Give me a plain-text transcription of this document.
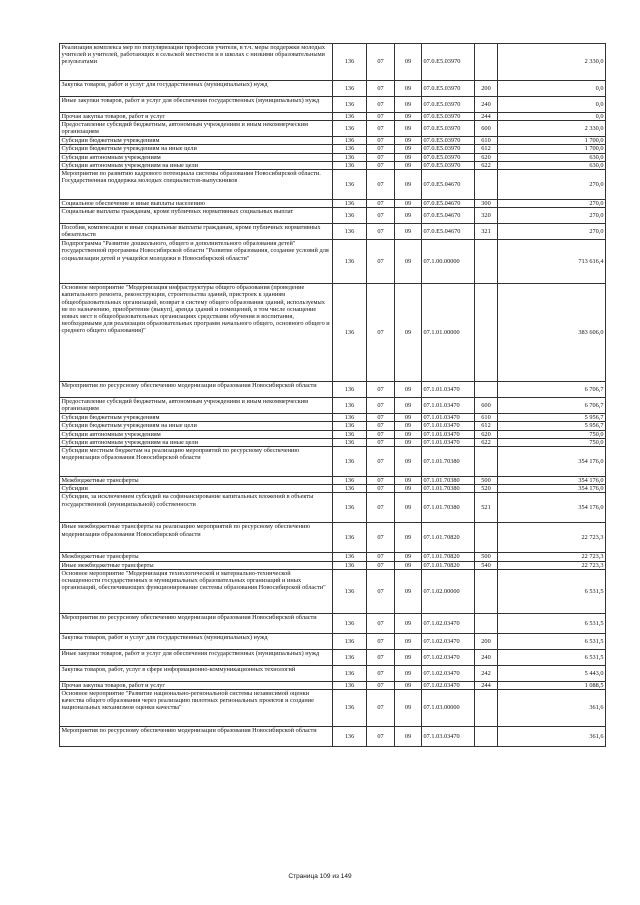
Реализация комплекса мер по популяризации профессии учителя, в т.ч. меры поддержки молодых учителей и учителей, работающих в сельской местности и в школах с низкими образовательными результатами	136	07	09	07.0.E5.03970		2 330,0
Закупка товаров, работ и услуг для государственных (муниципальных) нужд	136	07	09	07.0.E5.03970	200	0,0
Иные закупки товаров, работ и услуг для обеспечения государственных (муниципальных) нужд	136	07	09	07.0.E5.03970	240	0,0
Прочая закупка товаров, работ и услуг	136	07	09	07.0.E5.03970	244	0,0
Предоставление субсидий бюджетным, автономным учреждениям и иным некоммерческим организациям	136	07	09	07.0.E5.03970	600	2 330,0
Субсидии бюджетным учреждениям	136	07	09	07.0.E5.03970	610	1 700,0
Субсидии бюджетным учреждениям на иные цели	136	07	09	07.0.E5.03970	612	1 700,0
Субсидии автономным учреждениям	136	07	09	07.0.E5.03970	620	630,0
Субсидии автономным учреждениям на иные цели	136	07	09	07.0.E5.03970	622	630,0
Мероприятия по развитию кадрового потенциала системы образования Новосибирской области. Государственная поддержка молодых специалистов-выпускников	136	07	09	07.0.E5.04670		270,0
Социальное обеспечение и иные выплаты населению	136	07	09	07.0.E5.04670	300	270,0
Социальные выплаты гражданам, кроме публичных нормативных социальных выплат	136	07	09	07.0.E5.04670	320	270,0
Пособия, компенсации и иные социальные выплаты гражданам, кроме публичных нормативных обязательств	136	07	09	07.0.E5.04670	321	270,0
Подпрограмма "Развитие дошкольного, общего и дополнительного образования детей" государственной программы Новосибирской области "Развитие образования, создание условий для социализации детей и учащейся молодежи в Новосибирской области"	136	07	09	07.1.00.00000		713 616,4
Основное мероприятие "Модернизация инфраструктуры общего образования (проведение капитального ремонта, реконструкции, строительства зданий, пристроек к зданиям общеобразовательных организаций, возврат в систему общего образования зданий, используемых не по назначению, приобретение (выкуп), аренда зданий и помещений, в том числе оснащение новых мест в общеобразовательных организациях средствами обучения и воспитания, необходимыми для реализации образовательных программ начального общего, основного общего и среднего общего образования)"	136	07	09	07.1.01.00000		383 606,0
Мероприятия по ресурсному обеспечению модернизации образования Новосибирской области	136	07	09	07.1.01.03470		6 706,7
Предоставление субсидий бюджетным, автономным учреждениям и иным некоммерческим организациям	136	07	09	07.1.01.03470	600	6 706,7
Субсидии бюджетным учреждениям	136	07	09	07.1.01.03470	610	5 956,7
Субсидии бюджетным учреждениям на иные цели	136	07	09	07.1.01.03470	612	5 956,7
Субсидии автономным учреждениям	136	07	09	07.1.01.03470	620	750,0
Субсидии автономным учреждениям на иные цели	136	07	09	07.1.01.03470	622	750,0
Субсидии местным бюджетам на реализацию мероприятий по ресурсному обеспечению модернизации образования Новосибирской области	136	07	09	07.1.01.70380		354 176,0
Межбюджетные трансферты	136	07	09	07.1.01.70380	500	354 176,0
Субсидии	136	07	09	07.1.01.70380	520	354 176,0
Субсидии, за исключением субсидий на софинансирование капитальных вложений в объекты государственной (муниципальной) собственности	136	07	09	07.1.01.70380	521	354 176,0
Иные межбюджетные трансферты на реализацию мероприятий по ресурсному обеспечению модернизации образования Новосибирской области	136	07	09	07.1.01.70820		22 723,3
Межбюджетные трансферты	136	07	09	07.1.01.70820	500	22 723,3
Иные межбюджетные трансферты	136	07	09	07.1.01.70820	540	22 723,3
Основное мероприятие "Модернизация технологической и материально-технической оснащенности государственных и муниципальных образовательных организаций и иных организаций, обеспечивающих функционирование системы образования Новосибирской области"	136	07	09	07.1.02.00000		6 531,5
Мероприятия по ресурсному обеспечению модернизации образования Новосибирской области	136	07	09	07.1.02.03470		6 531,5
Закупка товаров, работ и услуг для государственных (муниципальных) нужд	136	07	09	07.1.02.03470	200	6 531,5
Иные закупки товаров, работ и услуг для обеспечения государственных (муниципальных) нужд	136	07	09	07.1.02.03470	240	6 531,5
Закупка товаров, работ, услуг в сфере информационно-коммуникационных технологий	136	07	09	07.1.02.03470	242	5 443,0
Прочая закупка товаров, работ и услуг	136	07	09	07.1.02.03470	244	1 088,5
Основное мероприятие "Развитие национально-региональной системы независимой оценки качества общего образования через реализацию пилотных региональных проектов и создание национальных механизмов оценки качества"	136	07	09	07.1.03.00000		361,6
Мероприятия по ресурсному обеспечению модернизации образования Новосибирской области	136	07	09	07.1.03.03470		361,6
Страница 109 из 149
